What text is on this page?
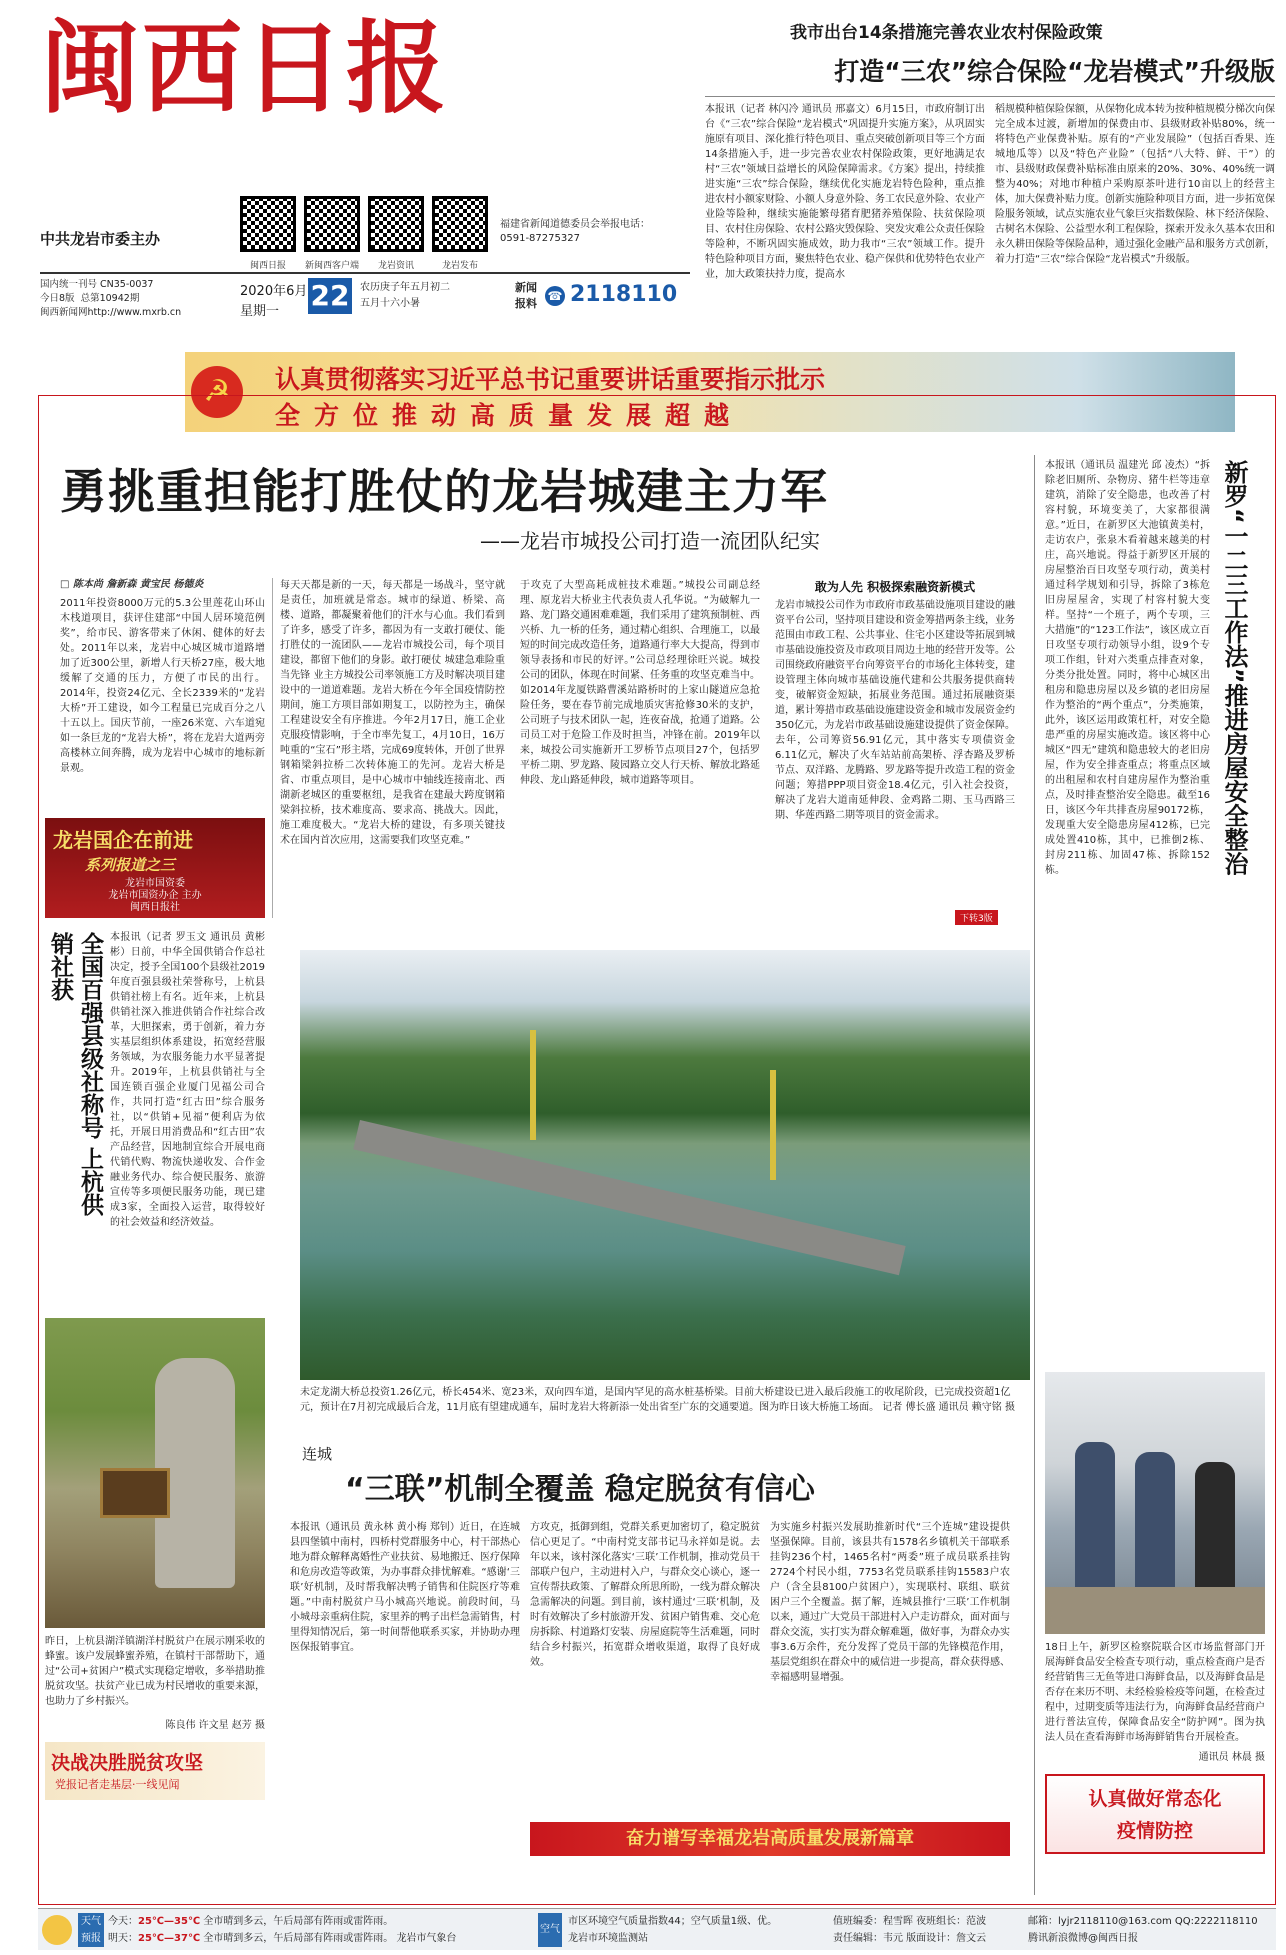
闽西日报
中共龙岩市委主办
闽西日报	新闽西客户端	龙岩资讯	龙岩发布
福建省新闻道德委员会举报电话：
0591-87275327
国内统一刊号 CN35-0037
今日8版 总第10942期
闽西新闻网http://www.mxrb.cn
2020年6月
星期一 22 农历庚子年五月初二
五月十六小暑
新闻
报料
☎ 2118110
我市出台14条措施完善农业农村保险政策
打造“三农”综合保险“龙岩模式”升级版
本报讯（记者 林闪冷 通讯员 邢嘉文）6月15日，市政府制订出台《“三农”综合保险“龙岩模式”巩固提升实施方案》，从巩固实施原有项目、深化推行特色项目、重点突破创新项目等三个方面14条措施入手，进一步完善农业农村保险政策，更好地满足农村“三农”领域日益增长的风险保障需求。《方案》提出，持续推进实施“三农”综合保险，继续优化实施龙岩特色险种，重点推进农村小额家财险、小额人身意外险、务工农民意外险、农业产业险等险种，继续实施能繁母猪育肥猪养殖保险、扶贫保险项目、农村住房保险、农村公路灾毁保险、突发灾难公众责任保险等险种，不断巩固实施成效，助力我市“三农”领域工作。提升特色险种项目方面，聚焦特色农业、稳产保供和优势特色农业产业，加大政策扶持力度，提高水
稻规模种植保险保额，从保物化成本转为按种植规模分梯次向保完全成本过渡，新增加的保费由市、县级财政补贴80%，统一将特色产业保费补贴。原有的“产业发展险”（包括百香果、连城地瓜等）以及“特色产业险”（包括“八大特、鲜、干”）的市、县级财政保费补贴标准由原来的20%、30%、40%统一调整为40%；对地市种植户采购原茶叶进行10亩以上的经营主体，加大保费补贴力度。创新实施险种项目方面，进一步拓宽保险服务领域，试点实施农业气象巨灾指数保险、林下经济保险、古树名木保险、公益型水利工程保险，探索开发永久基本农田和永久耕田保险等保险品种，通过强化金融产品和服务方式创新，着力打造“三农”综合保险“龙岩模式”升级版。
☭	认真贯彻落实习近平总书记重要讲话重要指示批示
全方位推动高质量发展超越
勇挑重担能打胜仗的龙岩城建主力军
——龙岩市城投公司打造一流团队纪实
□ 陈本尚 詹新森 黄宝民 杨德炎
2011年投资8000万元的5.3公里莲花山环山木栈道项目，获评住建部“中国人居环境范例奖”，给市民、游客带来了休闲、健体的好去处。2011年以来，龙岩中心城区城市道路增加了近300公里，新增人行天桥27座，极大地缓解了交通的压力，方便了市民的出行。2014年，投资24亿元、全长2339米的“龙岩大桥”开工建设，如今工程量已完成百分之八十五以上。国庆节前，一座26米宽、六车道宛如一条巨龙的“龙岩大桥”，将在龙岩大道两旁高楼林立间奔腾，成为龙岩中心城市的地标新景观。
每天天都是新的一天，每天都是一场战斗，坚守就是责任，加班就是常态。城市的绿道、桥梁、高楼、道路，都凝聚着他们的汗水与心血。我们看到了许多，感受了许多，都因为有一支敢打硬仗、能打胜仗的一流团队——龙岩市城投公司，每个项目建设，都留下他们的身影。敢打硬仗 城建急难险重当先锋 业主方城投公司率领施工方及时解决项目建设中的一道道难题。龙岩大桥在今年全国疫情防控期间，施工方项目部如期复工，以防控为主，确保工程建设安全有序推进。今年2月17日，施工企业克服疫情影响，于全市率先复工，4月10日，16万吨重的“宝石”形主塔，完成69度转体，开创了世界钢箱梁斜拉桥二次转体施工的先河。龙岩大桥是省、市重点项目，是中心城市中轴线连接南北、西湖新老城区的重要枢纽，是我省在建最大跨度钢箱梁斜拉桥，技术难度高、要求高、挑战大。因此，施工难度极大。“龙岩大桥的建设，有多项关键技术在国内首次应用，这需要我们攻坚克难。”
于攻克了大型高耗成桩技术难题。”城投公司副总经理、原龙岩大桥业主代表负责人孔华说。“为破解九一路、龙门路交通困难难题，我们采用了建筑预制桩、西兴桥、九一桥的任务，通过精心组织、合理施工，以最短的时间完成改造任务，道路通行率大大提高，得到市领导表扬和市民的好评。”公司总经理徐旺兴说。城投公司的团队，体现在时间紧、任务重的攻坚克难当中。如2014年龙厦铁路曹溪站路桥时的上家山隧道应急抢险任务，要在春节前完成地质灾害抢修30米的支护，公司班子与技术团队一起，连夜奋战，抢通了道路。公司员工对于危险工作及时担当，冲锋在前。2019年以来，城投公司实施新开工罗桥节点项目27个，包括罗平桥二期、罗龙路、陵园路立交人行天桥、解放北路延伸段、龙山路延伸段，城市道路等项目。
敢为人先 积极探索融资新模式
龙岩市城投公司作为市政府市政基础设施项目建设的融资平台公司，坚持项目建设和资金筹措两条主线，业务范围由市政工程、公共事业、住宅小区建设等拓展到城市基础设施投资及市政项目周边土地的经营开发等。公司围绕政府融资平台向筹资平台的市场化主体转变，建设管理主体向城市基础设施代建和公共服务提供商转变，破解资金短缺，拓展业务范围。通过拓展融资渠道，累计筹措市政基础设施建设资金和城市发展资金约350亿元，为龙岩市政基础设施建设提供了资金保障。去年，公司筹资56.91亿元，其中落实专项债资金6.11亿元，解决了火车站站前高架桥、浮杏路及罗桥节点、双洋路、龙腾路、罗龙路等提升改造工程的资金问题；筹措PPP项目资金18.4亿元，引入社会投资，解决了龙岩大道南延伸段、金鸡路二期、玉马西路三期、华莲西路二期等项目的资金需求。
下转3版
龙岩国企在前进
系列报道之三
龙岩市国资委
龙岩市国资办企 主办
闽西日报社
全国百强县级社称号 上杭供销社获	本报讯（记者 罗玉文 通讯员 黄彬彬）日前，中华全国供销合作总社决定，授予全国100个县级社2019年度百强县级社荣誉称号，上杭县供销社榜上有名。近年来，上杭县供销社深入推进供销合作社综合改革，大胆探索，勇于创新，着力夯实基层组织体系建设，拓宽经营服务领域，为农服务能力水平显著提升。2019年，上杭县供销社与全国连锁百强企业厦门见福公司合作，共同打造“红古田”综合服务社，以“供销+见福”便利店为依托，开展日用消费品和“红古田”农产品经营，因地制宜综合开展电商代销代购、物流快递收发、合作金融业务代办、综合便民服务、旅游宣传等多项便民服务功能，现已建成3家，全面投入运营，取得较好的社会效益和经济效益。
未定龙湖大桥总投资1.26亿元，桥长454米、宽23米，双向四车道，是国内罕见的高水桩基桥梁。目前大桥建设已进入最后段施工的收尾阶段，已完成投资超1亿元，预计在7月初完成最后合龙，11月底有望建成通车，届时龙岩大将新添一处出省至广东的交通要道。图为昨日该大桥施工场面。 记者 傅长盛 通讯员 赖守铭 摄
昨日，上杭县湖洋镇湖洋村脱贫户在展示刚采收的蜂蜜。该户发展蜂蜜养殖，在镇村干部帮助下，通过“公司+贫困户”模式实现稳定增收，多举措助推脱贫攻坚。扶贫产业已成为村民增收的重要来源，也助力了乡村振兴。
陈良伟 许文星 赵芳 摄
决战决胜脱贫攻坚
党报记者走基层·一线见闻
连城
“三联”机制全覆盖 稳定脱贫有信心
本报讯（通讯员 黄永林 黄小梅 郑钊）近日，在连城县四堡镇中南村，四桥村党群服务中心，村干部热心地为群众解释离婚性产业扶贫、易地搬迁、医疗保障和危房改造等政策，为办事群众排忧解难。“感谢‘三联’好机制，及时帮我解决鸭子销售和住院医疗等难题。”中南村脱贫户马小城高兴地说。前段时间，马小城母亲重病住院，家里养的鸭子出栏急需销售，村里得知情况后，第一时间帮他联系买家，并协助办理医保报销事宜。
方攻克，抵御到组，党群关系更加密切了，稳定脱贫信心更足了。“中南村党支部书记马永祥如是说。去年以来，该村深化落实‘三联’工作机制，推动党员干部联户包户，主动进村入户，与群众交心谈心，逐一宣传帮扶政策、了解群众所思所盼，一线为群众解决急需解决的问题。到目前，该村通过‘三联’机制，及时有效解决了乡村旅游开发、贫困户销售难、交心危房拆除、村道路灯安装、房屋庭院等生活难题，同时结合乡村振兴，拓宽群众增收渠道，取得了良好成效。
为实施乡村振兴发展助推新时代“三个连城”建设提供坚强保障。目前，该县共有1578名乡镇机关干部联系挂钩236个村，1465名村“两委”班子成员联系挂钩2724个村民小组，7753名党员联系挂钩15583户农户（含全县8100户贫困户），实现联村、联组、联贫困户三个全覆盖。据了解，连城县推行‘三联’工作机制以来，通过广大党员干部进村入户走访群众，面对面与群众交流，实打实为群众解难题，做好事，为群众办实事3.6万余件，充分发挥了党员干部的先锋模范作用，基层党组织在群众中的威信进一步提高，群众获得感、幸福感明显增强。
奋力谱写幸福龙岩高质量发展新篇章
本报讯（通讯员 温建光 邱 凌杰）“拆除老旧厕所、杂物房、猪牛栏等违章建筑，消除了安全隐患，也改善了村容村貌，环境变美了，大家都很满意。”近日，在新罗区大池镇黄美村，走访农户，张泉木看着越来越美的村庄，高兴地说。得益于新罗区开展的房屋整治百日攻坚专项行动，黄美村通过科学规划和引导，拆除了3栋危旧房屋屋舍，实现了村容村貌大变样。坚持“一个班子，两个专项，三大措施”的“123工作法”，该区成立百日攻坚专项行动领导小组，设9个专项工作组，针对六类重点排查对象，分类分批处置。同时，将中心城区出租房和隐患房屋以及乡镇的老旧房屋作为整治的“两个重点”，分类施策，此外，该区运用政策杠杆，对安全隐患严重的房屋实施改造。该区将中心城区“四无”建筑和隐患较大的老旧房屋，作为安全排查重点；将重点区域的出租屋和农村自建房屋作为整治重点，及时排查整治安全隐患。截至16日，该区今年共排查房屋90172栋，发现重大安全隐患房屋412栋，已完成处置410栋，其中，已推倒2栋、封房211栋、加固47栋、拆除152栋。
新罗“一二三工作法”推进房屋安全整治
18日上午，新罗区检察院联合区市场监督部门开展海鲜食品安全检查专项行动，重点检查商户是否经营销售三无鱼等进口海鲜食品，以及海鲜食品是否存在来历不明、未经检验检疫等问题，在检查过程中，过期变质等违法行为，向海鲜食品经营商户进行普法宣传，保障食品安全“防护网”。图为执法人员在查看海鲜市场海鲜销售台开展检查。
通讯员 林晨 摄
认真做好常态化
疫情防控
天气
预报
今天：25℃—35℃ 全市晴到多云，午后局部有阵雨或雷阵雨。
明天：25℃—37℃ 全市晴到多云，午后局部有阵雨或雷阵雨。 龙岩市气象台
空气
市区环境空气质量指数44；空气质量1级、优。
龙岩市环境监测站
值班编委：程雪晖 夜班组长：范波
责任编辑：韦元 版面设计：詹文云
邮箱：lyjr2118110@163.com QQ:2222118110
腾讯新浪微博@闽西日报
